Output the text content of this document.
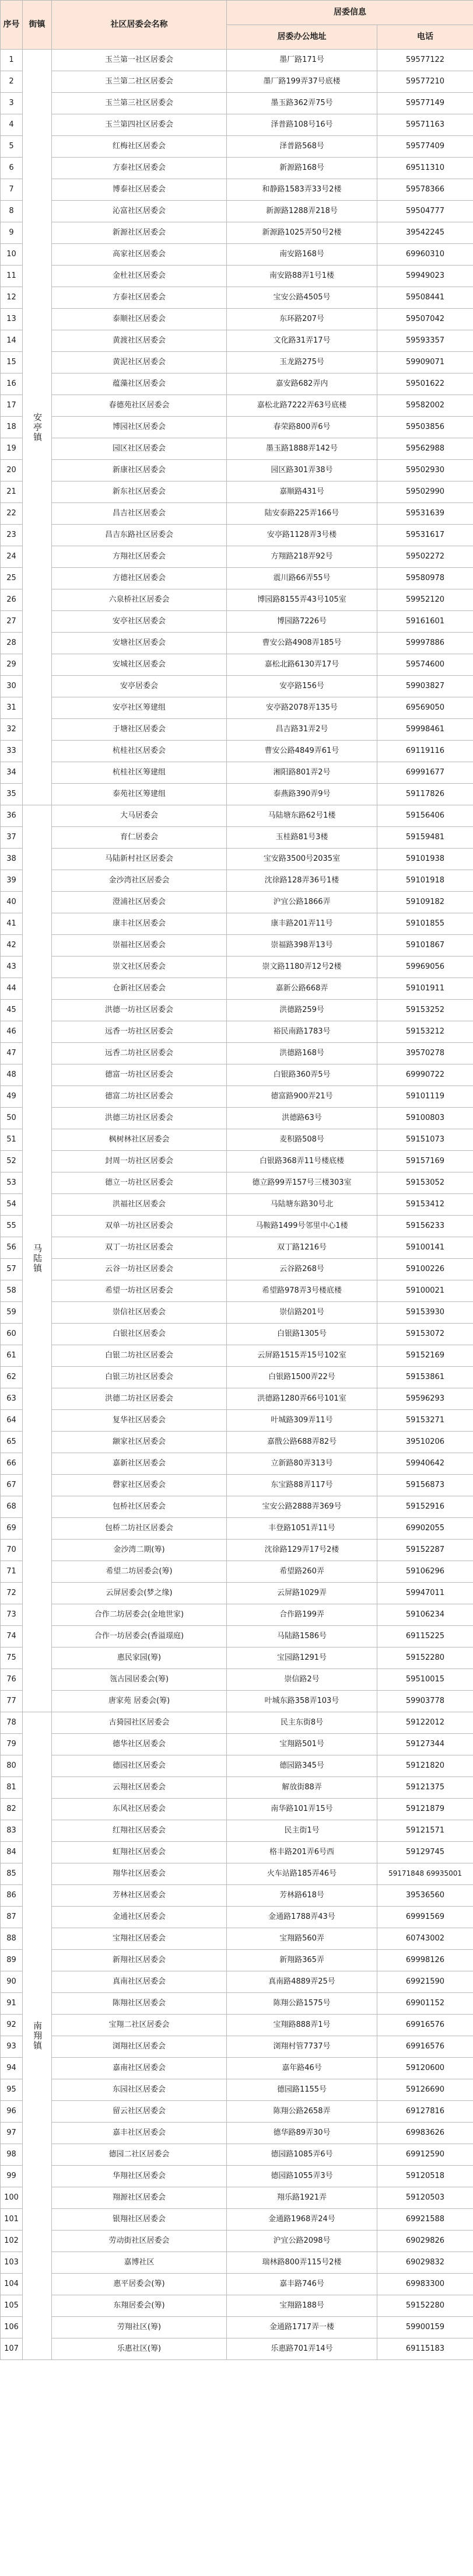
序号	街镇	社区居委会名称	居委信息	
			居委办公地址	电话
1	安亭镇	玉兰第一社区居委会	墨厂路171号	59577122
2		玉兰第二社区居委会	墨厂路199弄37号底楼	59577210
3		玉兰第三社区居委会	墨玉路362弄75号	59577149
4		玉兰第四社区居委会	泽普路108号16号	59571163
5		红梅社区居委会	泽普路568号	59577409
6		方泰社区居委会	新源路168号	69511310
7		博泰社区居委会	和静路1583弄33号2楼	59578366
8		沁富社区居委会	新源路1288弄218号	59504777
9		新源社区居委会	新源路1025弄50号2楼	39542245
10		高家社区居委会	南安路168号	69960310
11		金杜社区居委会	南安路88弄1号1楼	59949023
12		方泰社区居委会	宝安公路4505号	59508441
13		泰顺社区居委会	东环路207号	59507042
14		黄渡社区居委会	文化路31弄17号	59593357
15		黄泥社区居委会	玉龙路275号	59909071
16		蕴藻社区居委会	嘉安路682弄内	59501622
17		春德苑社区居委会	嘉松北路7222弄63号底楼	59582002
18		博园社区居委会	春荣路800弄6号	59503856
19		园区社区居委会	墨玉路1888弄142号	59562988
20		新康社区居委会	园区路301弄38号	59502930
21		新东社区居委会	嘉顺路431号	59502990
22		昌吉社区居委会	陆安泰路225弄166号	59531639
23		昌吉东路社区居委会	安亭路1128弄3号楼	59531617
24		方翔社区居委会	方翔路218弄92号	59502272
25		方德社区居委会	震川路66弄55号	59580978
26		六泉桥社区居委会	博园路8155弄43号105室	59952120
27		安亭社区居委会	博园路7226号	59161601
28		安塘社区居委会	曹安公路4908弄185号	59997886
29		安城社区居委会	嘉松北路6130弄17号	59574600
30		安亭居委会	安亭路156号	59903827
31		安亭社区筹建组	安亭路2078弄135号	69569050
32		于塘社区居委会	昌吉路31弄2号	59998461
33		杭桂社区居委会	曹安公路4849弄61号	69119116
34		杭桂社区筹建组	湘阳路801弄2号	69991677
35		泰苑社区筹建组	泰燕路390弄9号	59117826
36	马陆镇	大马居委会	马陆塘东路62号1楼	59156406
37		育仁居委会	玉桂路81号3楼	59159481
38		马陆新村社区居委会	宝安路3500号2035室	59101938
39		金沙湾社区居委会	沈徐路128弄36号1楼	59101918
40		澄浦社区居委会	沪宜公路1866弄	59109182
41		康丰社区居委会	康丰路201弄11号	59101855
42		崇福社区居委会	崇福路398弄13号	59101867
43		崇文社区居委会	崇文路1180弄12号2楼	59969056
44		仓新社区居委会	嘉新公路668弄	59101911
45		洪德一坊社区居委会	洪德路259号	59153252
46		远香一坊社区居委会	裕民南路1783号	59153212
47		远香二坊社区居委会	洪德路168号	39570278
48		德富一坊社区居委会	白银路360弄5号	69990722
49		德富二坊社区居委会	德富路900弄21号	59101119
50		洪德三坊社区居委会	洪德路63号	59100803
51		枫树林社区居委会	麦积路508号	59151073
52		封周一坊社区居委会	白银路368弄11号楼底楼	59157169
53		德立一坊社区居委会	德立路99弄157号三楼303室	59153052
54		洪福社区居委会	马陆塘东路30号北	59153412
55		双单一坊社区居委会	马鞍路1499号邻里中心1楼	59156233
56		双丁一坊社区居委会	双丁路1216号	59100141
57		云谷一坊社区居委会	云谷路268号	59100226
58		希望一坊社区居委会	希望路978弄3号楼底楼	59100021
59		崇信社区居委会	崇信路201号	59153930
60		白银社区居委会	白银路1305号	59153072
61		白银二坊社区居委会	云屏路1515弄15号102室	59152169
62		白银三坊社区居委会	白银路1500弄22号	59153861
63		洪德二坊社区居委会	洪德路1280弄66号101室	59596293
64		复华社区居委会	叶城路309弄11号	59153271
65		颛家社区居委会	嘉戬公路688弄82号	39510206
66		嘉新社区居委会	立新路80弄313号	59940642
67		磬家社区居委会	东宝路88弄117号	59156873
68		包桥社区居委会	宝安公路2888弄369号	59152916
69		包桥二坊社区居委会	丰登路1051弄11号	69902055
70		金沙湾二期(筹)	沈徐路129弄17号2楼	59152287
71		希望二坊居委会(筹)	希望路260弄	59106296
72		云屏居委会(梦之缘)	云屏路1029弄	59947011
73		合作二坊居委会(金地世家)	合作路199弄	59106234
74		合作一坊居委会(香溢璟庭)	马陆路1586号	69115225
75		惠民家园(筹)	宝园路1291号	59152280
76		瓴古园居委会(筹)	崇信路2号	59510015
77		唐家苑 居委会(筹)	叶城东路358弄103号	59903778
78	南翔镇	古猗园社区居委会	民主东街8号	59122012
79		德华社区居委会	宝翔路501号	59127344
80		德园社区居委会	德园路345号	59121820
81		云翔社区居委会	解放街88弄	59121375
82		东风社区居委会	南华路101弄15号	59121879
83		红翔社区居委会	民主街1号	59121571
84		虹翔社区居委会	格丰路201弄6号西	59129745
85		翔华社区居委会	火车站路185弄46号	59171848 69935001
86		芳林社区居委会	芳林路618号	39536560
87		金通社区居委会	金通路1788弄43号	69991569
88		宝翔社区居委会	宝翔路560弄	60743002
89		新翔社区居委会	新翔路365弄	69998126
90		真南社区居委会	真南路4889弄25号	69921590
91		陈翔社区居委会	陈翔公路1575号	69901152
92		宝翔二社区居委会	宝翔路888弄1号	69916576
93		浏翔社区居委会	浏翔村管7737号	69916576
94		嘉南社区居委会	嘉年路46号	59120600
95		东园社区居委会	德园路1155号	59126690
96		留云社区居委会	陈翔公路2658弄	69127816
97		嘉丰社区居委会	德华路89弄30号	69983626
98		德园二社区居委会	德园路1085弄6号	69912590
99		华翔社区居委会	德园路1055弄3号	59120518
100		翔源社区居委会	翔乐路1921弄	59120503
101		银翔社区居委会	金通路1968弄24号	69921588
102		劳动街社区居委会	沪宜公路2098号	69029826
103		嘉博社区	瑞林路800弄115号2楼	69029832
104		惠平居委会(筹)	嘉丰路746号	69983300
105		东翔居委会(筹)	宝翔路188号	59152280
106		劳翔社区(筹)	金通路1717弄一楼	59900159
107		乐惠社区(筹)	乐惠路701弄14号	69115183
